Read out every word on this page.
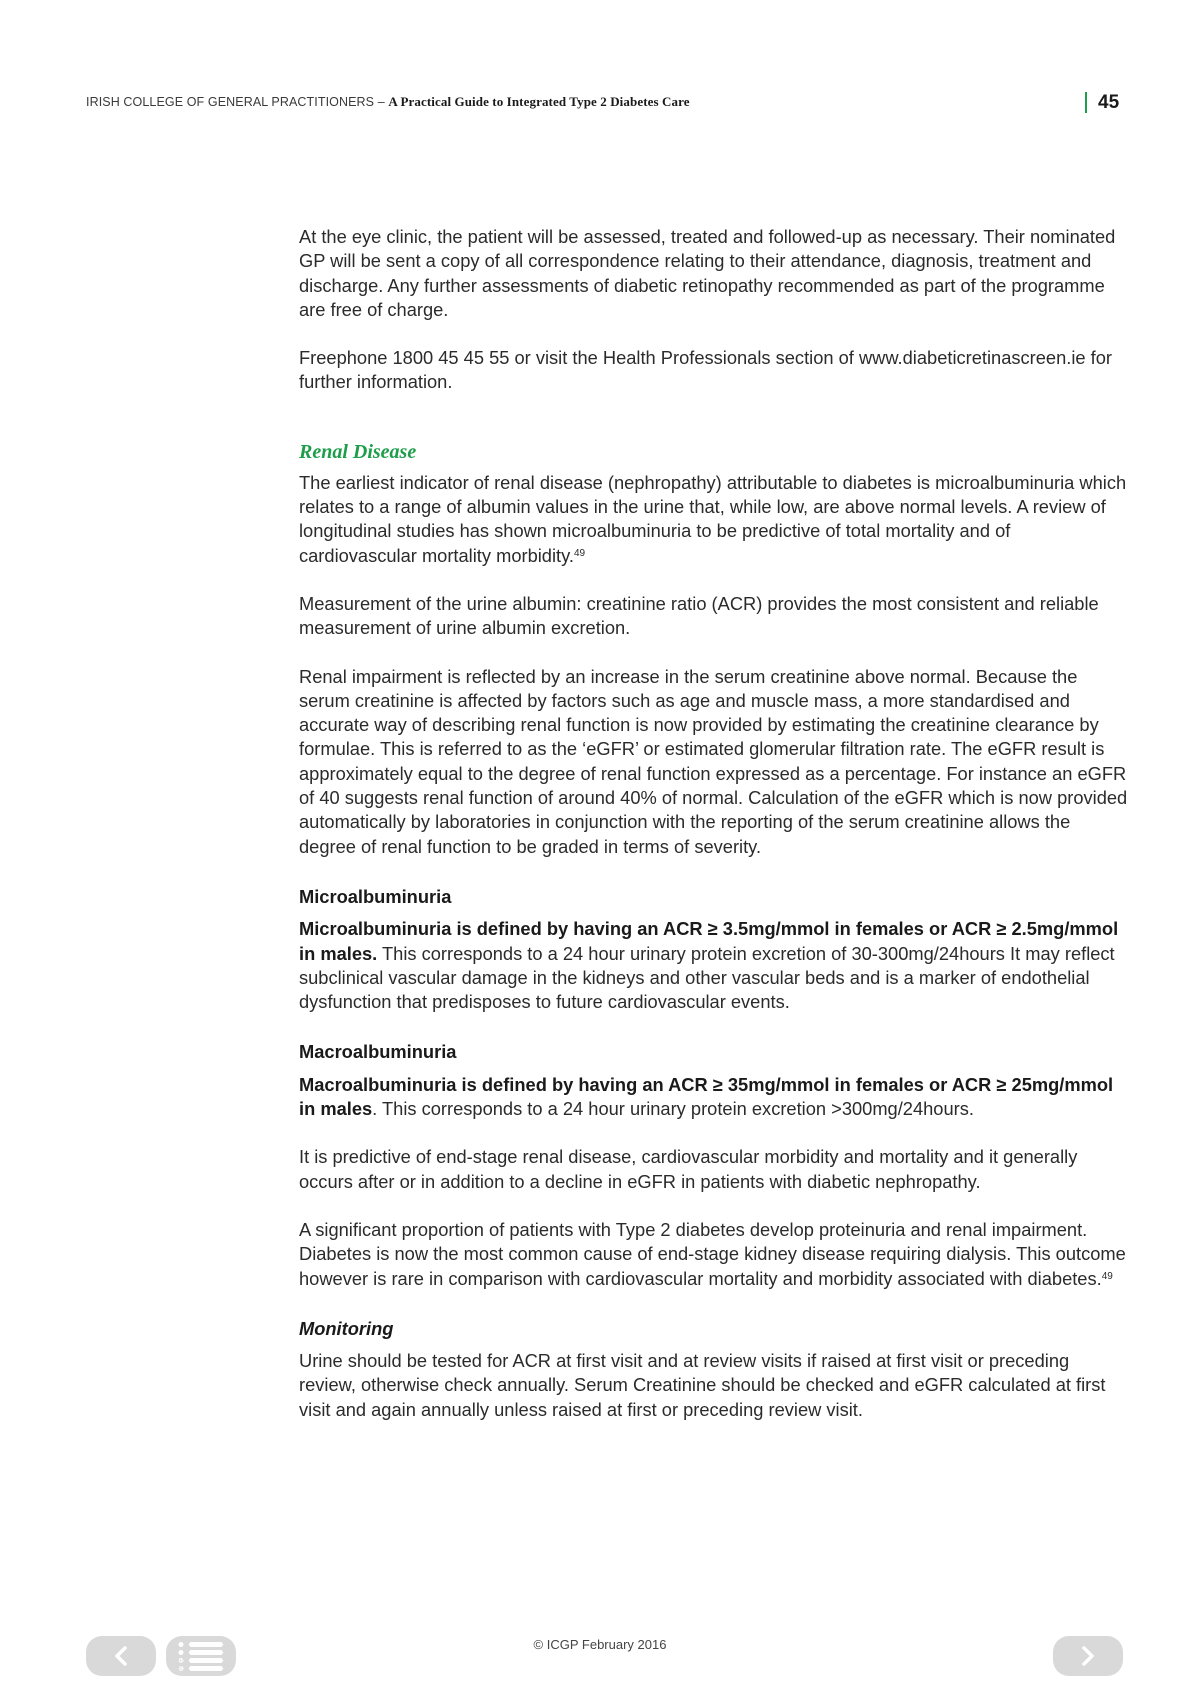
IRISH COLLEGE OF GENERAL PRACTITIONERS – A Practical Guide to Integrated Type 2 Diabetes Care	45

At the eye clinic, the patient will be assessed, treated and followed-up as necessary. Their nominated GP will be sent a copy of all correspondence relating to their attendance, diagnosis, treatment and discharge. Any further assessments of diabetic retinopathy recommended as part of the programme are free of charge.

Freephone 1800 45 45 55 or visit the Health Professionals section of www.diabeticretinascreen.ie for further information.

Renal Disease

The earliest indicator of renal disease (nephropathy) attributable to diabetes is microalbuminuria which relates to a range of albumin values in the urine that, while low, are above normal levels. A review of longitudinal studies has shown microalbuminuria to be predictive of total mortality and of cardiovascular mortality morbidity.$^{49}$

Measurement of the urine albumin: creatinine ratio (ACR) provides the most consistent and reliable measurement of urine albumin excretion.

Renal impairment is reflected by an increase in the serum creatinine above normal. Because the serum creatinine is affected by factors such as age and muscle mass, a more standardised and accurate way of describing renal function is now provided by estimating the creatinine clearance by formulae. This is referred to as the ‘eGFR’ or estimated glomerular filtration rate. The eGFR result is approximately equal to the degree of renal function expressed as a percentage. For instance an eGFR of 40 suggests renal function of around 40% of normal. Calculation of the eGFR which is now provided automatically by laboratories in conjunction with the reporting of the serum creatinine allows the degree of renal function to be graded in terms of severity.

Microalbuminuria

Microalbuminuria is defined by having an ACR ≥ 3.5mg/mmol in females or ACR ≥ 2.5mg/mmol in males. This corresponds to a 24 hour urinary protein excretion of 30-300mg/24hours It may reflect subclinical vascular damage in the kidneys and other vascular beds and is a marker of endothelial dysfunction that predisposes to future cardiovascular events.

Macroalbuminuria

Macroalbuminuria is defined by having an ACR ≥ 35mg/mmol in females or ACR ≥ 25mg/mmol in males. This corresponds to a 24 hour urinary protein excretion >300mg/24hours.

It is predictive of end-stage renal disease, cardiovascular morbidity and mortality and it generally occurs after or in addition to a decline in eGFR in patients with diabetic nephropathy.

A significant proportion of patients with Type 2 diabetes develop proteinuria and renal impairment. Diabetes is now the most common cause of end-stage kidney disease requiring dialysis. This outcome however is rare in comparison with cardiovascular mortality and morbidity associated with diabetes.$^{49}$

Monitoring

Urine should be tested for ACR at first visit and at review visits if raised at first visit or preceding review, otherwise check annually. Serum Creatinine should be checked and eGFR calculated at first visit and again annually unless raised at first or preceding review visit.

INDEX
© ICGP February 2016
